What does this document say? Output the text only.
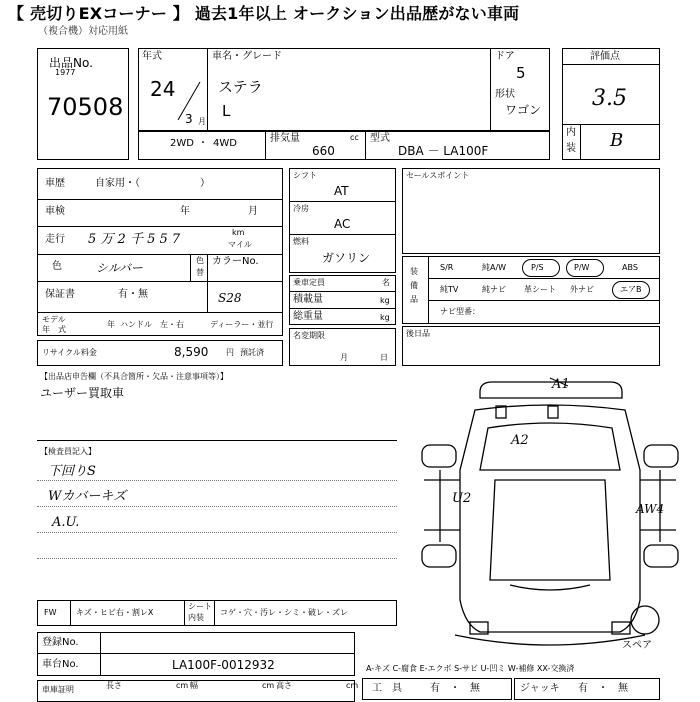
【 売切りEXコーナー 】 過去1年以上 オークション出品歴がない車両
（複合機）対応用紙
出品No.
1977
70508
年式
24
3 月
車名・グレード
ステラ
L
ドア
5
形状
ワゴン
評価点
3.5
内
装 B
2WD ・ 4WD	排気量	cc
660
型式
DBA － LA100F
車歴	自家用・（　　　　　　）
車検	年	月
走行 5 万 2 千 5 5 7	km
マイル
色	シルバー
色
替
カラーNo.
S28
保証書	有・無
モデル
年　式
年 ハンドル　左・右	ディーラー・並行
シフト
AT
冷房
AC
燃料
ガソリン
乗車定員	名
積載量	kg
総重量	kg
名変期限
月	日
セールスポイント
装
備
品
S/R	純A/W	P/S	P/W	ABS
純TV	純ナビ 革シート 外ナビ	エアB
ナビ型番：
後日品
リサイクル料金	8,590 円 預託済
【出品店申告欄（不具合箇所・欠品・注意事項等）】
ユーザー買取車
【検査員記入】
下回りS
Wカバーキズ
A.U.
A1
A2
U2
AW4
スペア
FW キズ・ヒビ右・割レX
シート
内装
コゲ・穴・汚レ・シミ・破レ・ズレ
登録No.
車台No.	LA100F-0012932
車庫証明	長さ	cm 幅	cm 高さ	cm
A-キズ C-腐食 E-エクボ S-サビ U-凹ミ W-補修 XX-交換済
工　具	有　・　無	ジャッキ 有　・　無
